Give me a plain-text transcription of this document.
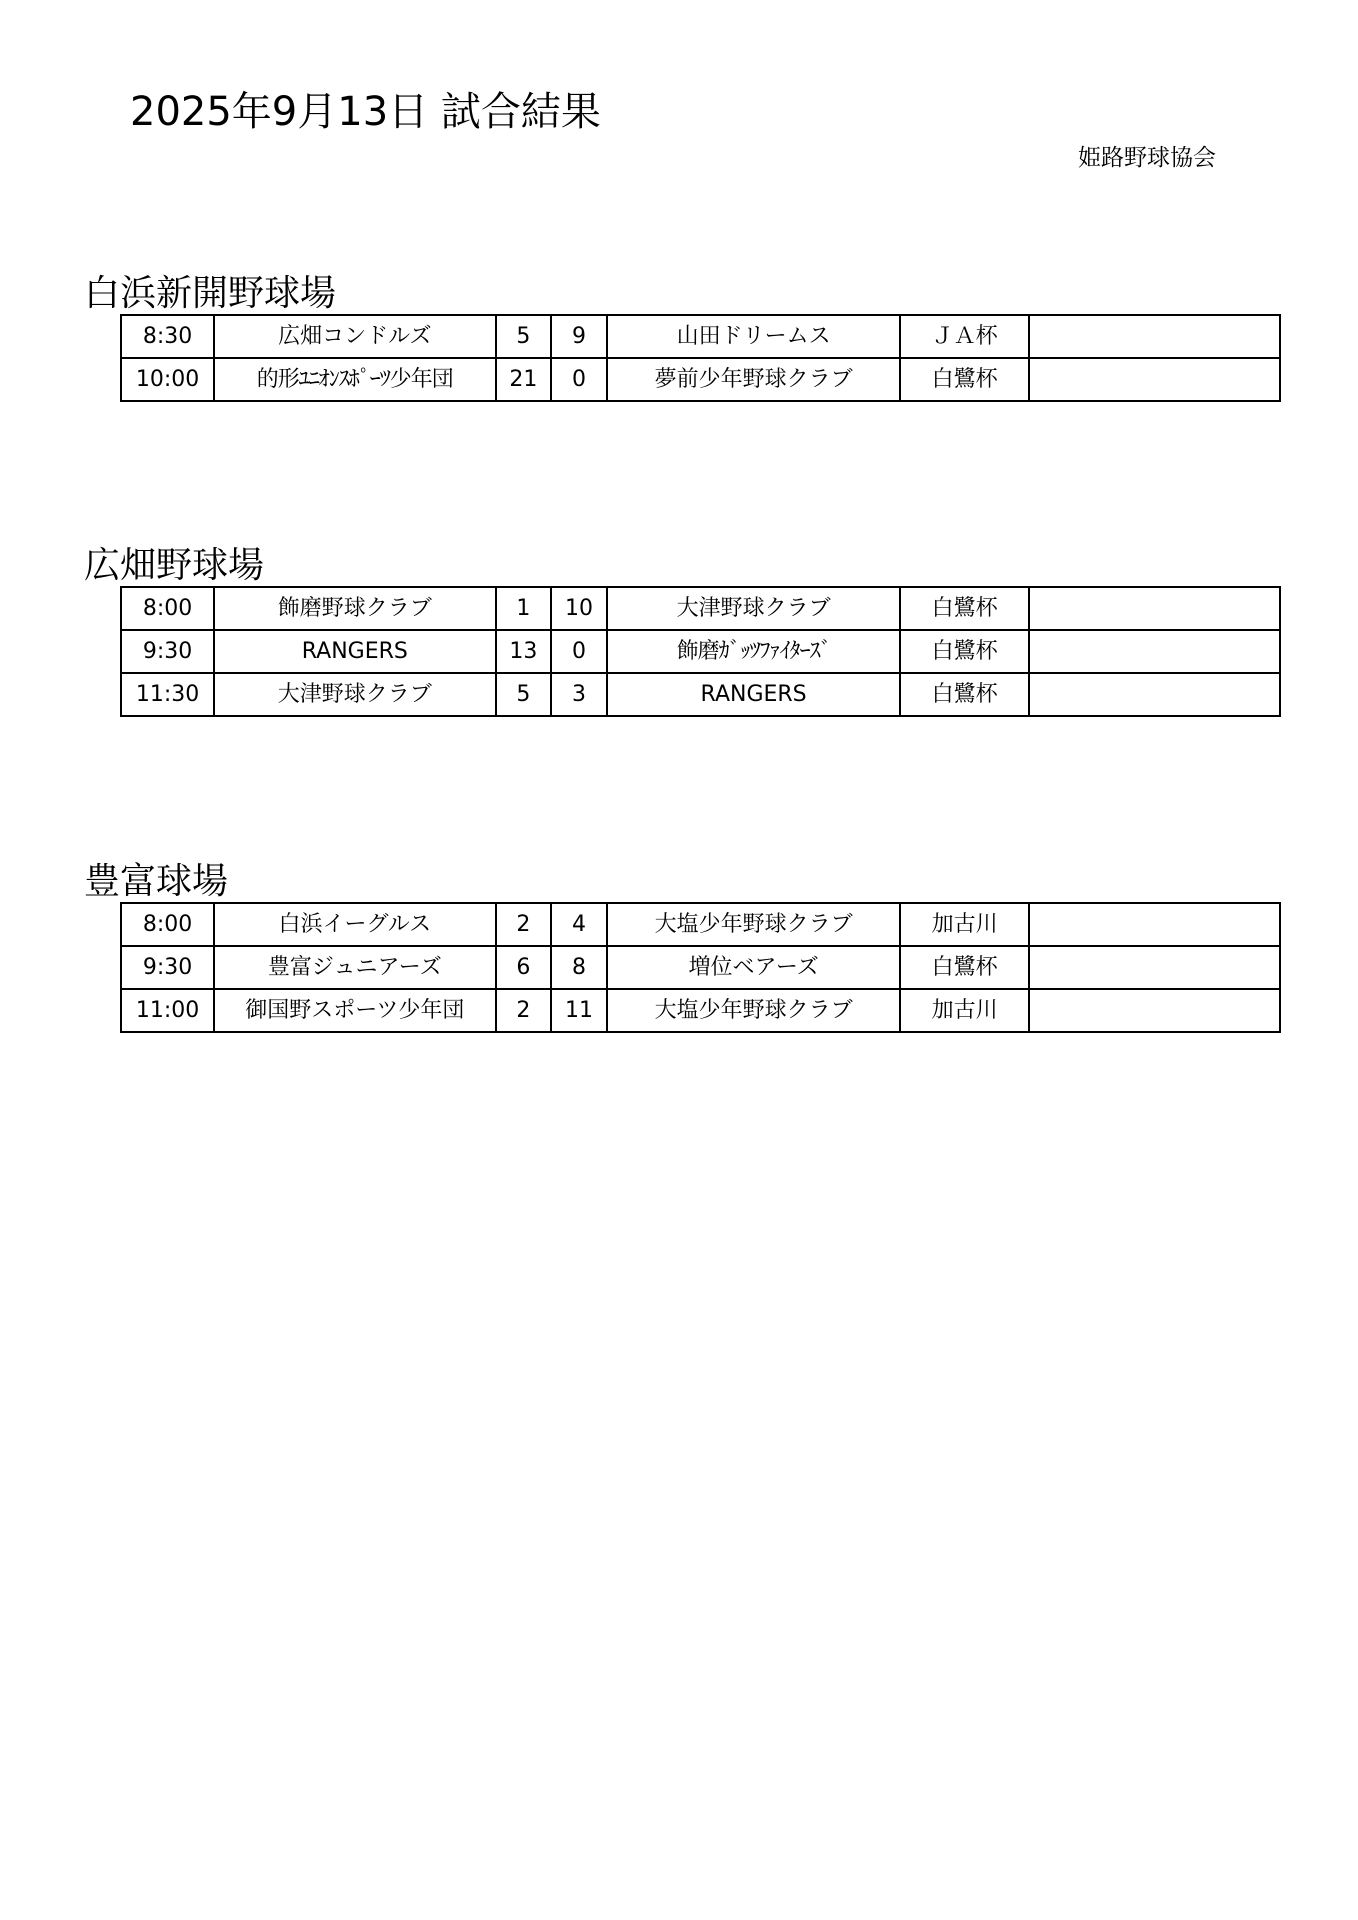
2025年9月13日 試合結果
姫路野球協会
白浜新開野球場
8:30	広畑コンドルズ	5	9	山田ドリームス	ＪＡ杯	
10:00	的形ﾕﾆｵﾝｽﾎﾟｰﾂ少年団	21	0	夢前少年野球クラブ	白鷺杯	
広畑野球場
8:00	飾磨野球クラブ	1	10	大津野球クラブ	白鷺杯	
9:30	RANGERS	13	0	飾磨ｶﾞｯﾂﾌｧｲﾀｰｽﾞ	白鷺杯	
11:30	大津野球クラブ	5	3	RANGERS	白鷺杯	
豊富球場
8:00	白浜イーグルス	2	4	大塩少年野球クラブ	加古川	
9:30	豊富ジュニアーズ	6	8	増位ベアーズ	白鷺杯	
11:00	御国野スポーツ少年団	2	11	大塩少年野球クラブ	加古川	
